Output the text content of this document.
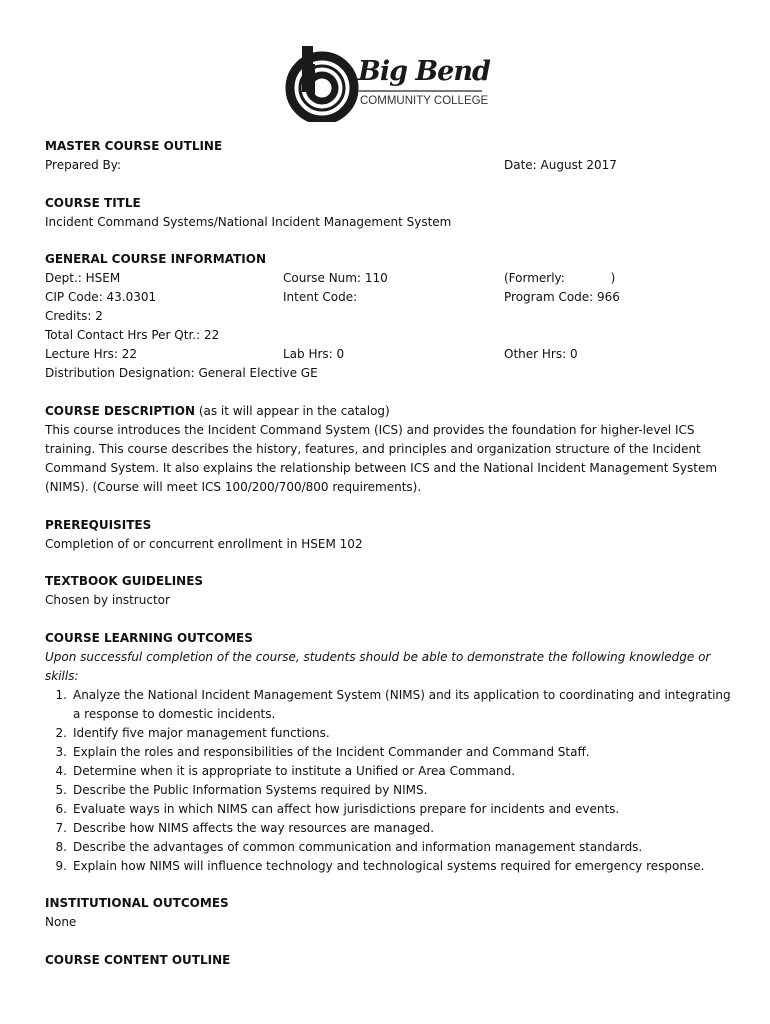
Big Bend
COMMUNITY COLLEGE
MASTER COURSE OUTLINE
Prepared By:	Date: August 2017
COURSE TITLE
Incident Command Systems/National Incident Management System
GENERAL COURSE INFORMATION
Dept.: HSEM	Course Num: 110	(Formerly:            )
CIP Code: 43.0301	Intent Code:	Program Code: 966
Credits: 2
Total Contact Hrs Per Qtr.: 22
Lecture Hrs: 22	Lab Hrs: 0	Other Hrs: 0
Distribution Designation: General Elective GE
COURSE DESCRIPTION (as it will appear in the catalog)
This course introduces the Incident Command System (ICS) and provides the foundation for higher-level ICS training. This course describes the history, features, and principles and organization structure of the Incident Command System. It also explains the relationship between ICS and the National Incident Management System (NIMS). (Course will meet ICS 100/200/700/800 requirements).
PREREQUISITES
Completion of or concurrent enrollment in HSEM 102
TEXTBOOK GUIDELINES
Chosen by instructor
COURSE LEARNING OUTCOMES
Upon successful completion of the course, students should be able to demonstrate the following knowledge or skills:
1. Analyze the National Incident Management System (NIMS) and its application to coordinating and integrating a response to domestic incidents.
2. Identify five major management functions.
3. Explain the roles and responsibilities of the Incident Commander and Command Staff.
4. Determine when it is appropriate to institute a Unified or Area Command.
5. Describe the Public Information Systems required by NIMS.
6. Evaluate ways in which NIMS can affect how jurisdictions prepare for incidents and events.
7. Describe how NIMS affects the way resources are managed.
8. Describe the advantages of common communication and information management standards.
9. Explain how NIMS will influence technology and technological systems required for emergency response.
INSTITUTIONAL OUTCOMES
None
COURSE CONTENT OUTLINE
